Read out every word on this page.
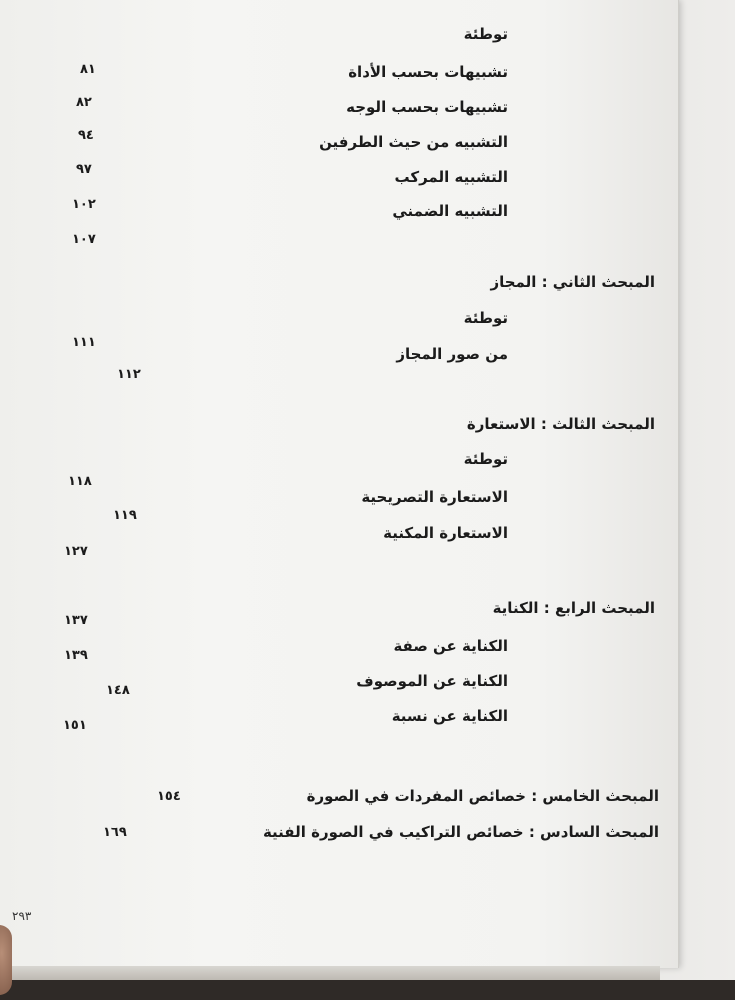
توطئة
تشبيهات بحسب الأداة
٨١
تشبيهات بحسب الوجه
٨٢
التشبيه من حيث الطرفين
٩٤
التشبيه المركب
٩٧
التشبيه الضمني
١٠٢
١٠٧
المبحث الثاني : المجاز
توطئة
من صور المجاز
١١١
١١٢
المبحث الثالث : الاستعارة
توطئة
الاستعارة التصريحية
١١٨
الاستعارة المكنية
١١٩
١٢٧
المبحث الرابع : الكناية
١٣٧
الكناية عن صفة
١٣٩
الكناية عن الموصوف
١٤٨
الكناية عن نسبة
١٥١
المبحث الخامس : خصائص المفردات في الصورة
١٥٤
المبحث السادس : خصائص التراكيب في الصورة الفنية
١٦٩
٢٩٣
